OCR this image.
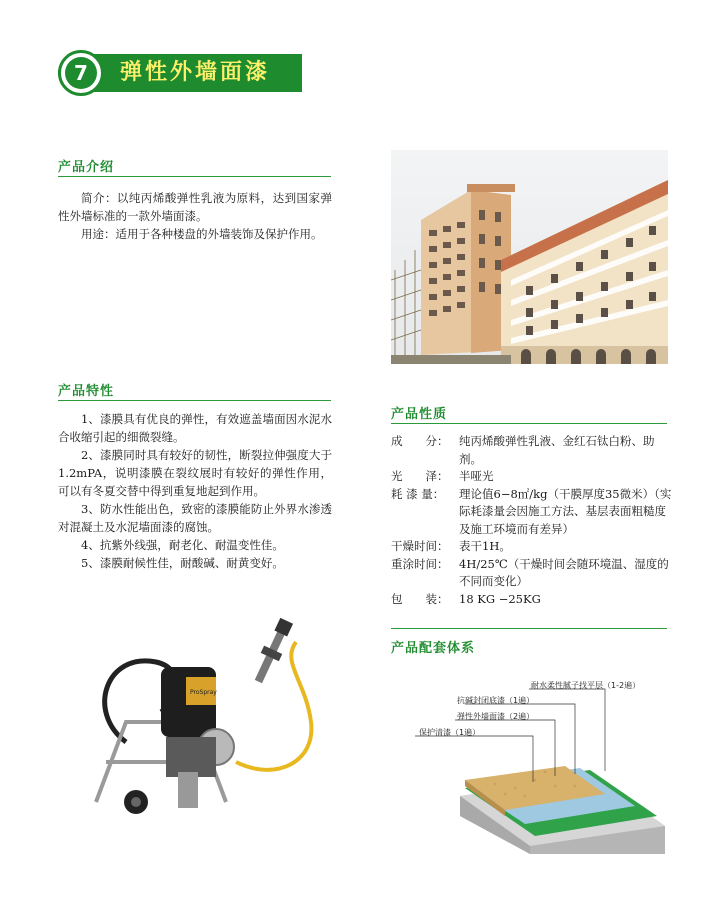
7	弹性外墙面漆
产品介绍

简介：以纯丙烯酸弹性乳液为原料，达到国家弹性外墙标准的一款外墙面漆。

用途：适用于各种楼盘的外墙装饰及保护作用。

产品特性

1、漆膜具有优良的弹性，有效遮盖墙面因水泥水合收缩引起的细微裂缝。

2、漆膜同时具有较好的韧性，断裂拉伸强度大于1.2mPA，说明漆膜在裂纹展时有较好的弹性作用，可以有冬夏交替中得到重复地起到作用。

3、防水性能出色，致密的漆膜能防止外界水渗透对混凝土及水泥墙面漆的腐蚀。

4、抗紫外线强，耐老化、耐温变性佳。

5、漆膜耐候性佳，耐酸碱、耐黄变好。

产品性质
成　　分： 纯丙烯酸弹性乳液、金红石钛白粉、助剂。
光　　泽： 半哑光
耗 漆 量：	理论值6−8㎡/kg（干膜厚度35微米）（实际耗漆量会因施工方法、基层表面粗糙度及施工环境而有差异）
干燥时间： 表干1H。
重涂时间： 4H/25℃（干燥时间会随环境温、湿度的不同而变化）
包　　装： 18 KG −25KG
ProSpray
产品配套体系
耐水柔性腻子找平层（1-2遍）
抗碱封闭底漆（1遍）
弹性外墙面漆（2遍）
保护清漆（1遍）
